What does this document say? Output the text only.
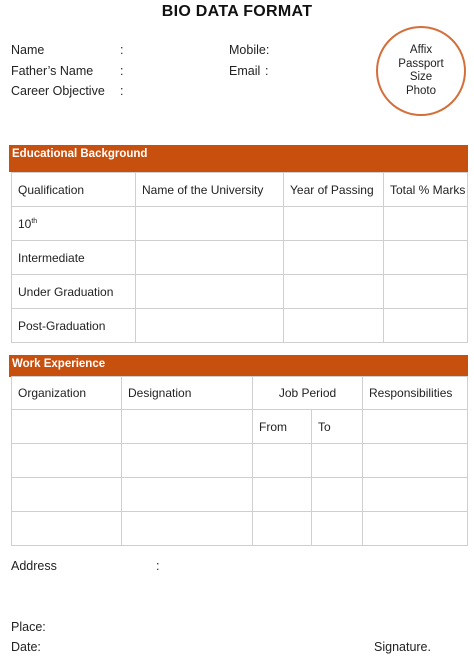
BIO DATA FORMAT
Name	:
Father’s Name :
Career Objective :
Mobile:
Email :
Affix
Passport
Size
Photo
Educational Background
Qualification	Name of the University	Year of Passing	Total % Marks
10th			
Intermediate			
Under Graduation			
Post-Graduation			
Work Experience
Organization	Designation	Job Period		Responsibilities
		From	To	

Address	:
Place:
Date:	Signature.
